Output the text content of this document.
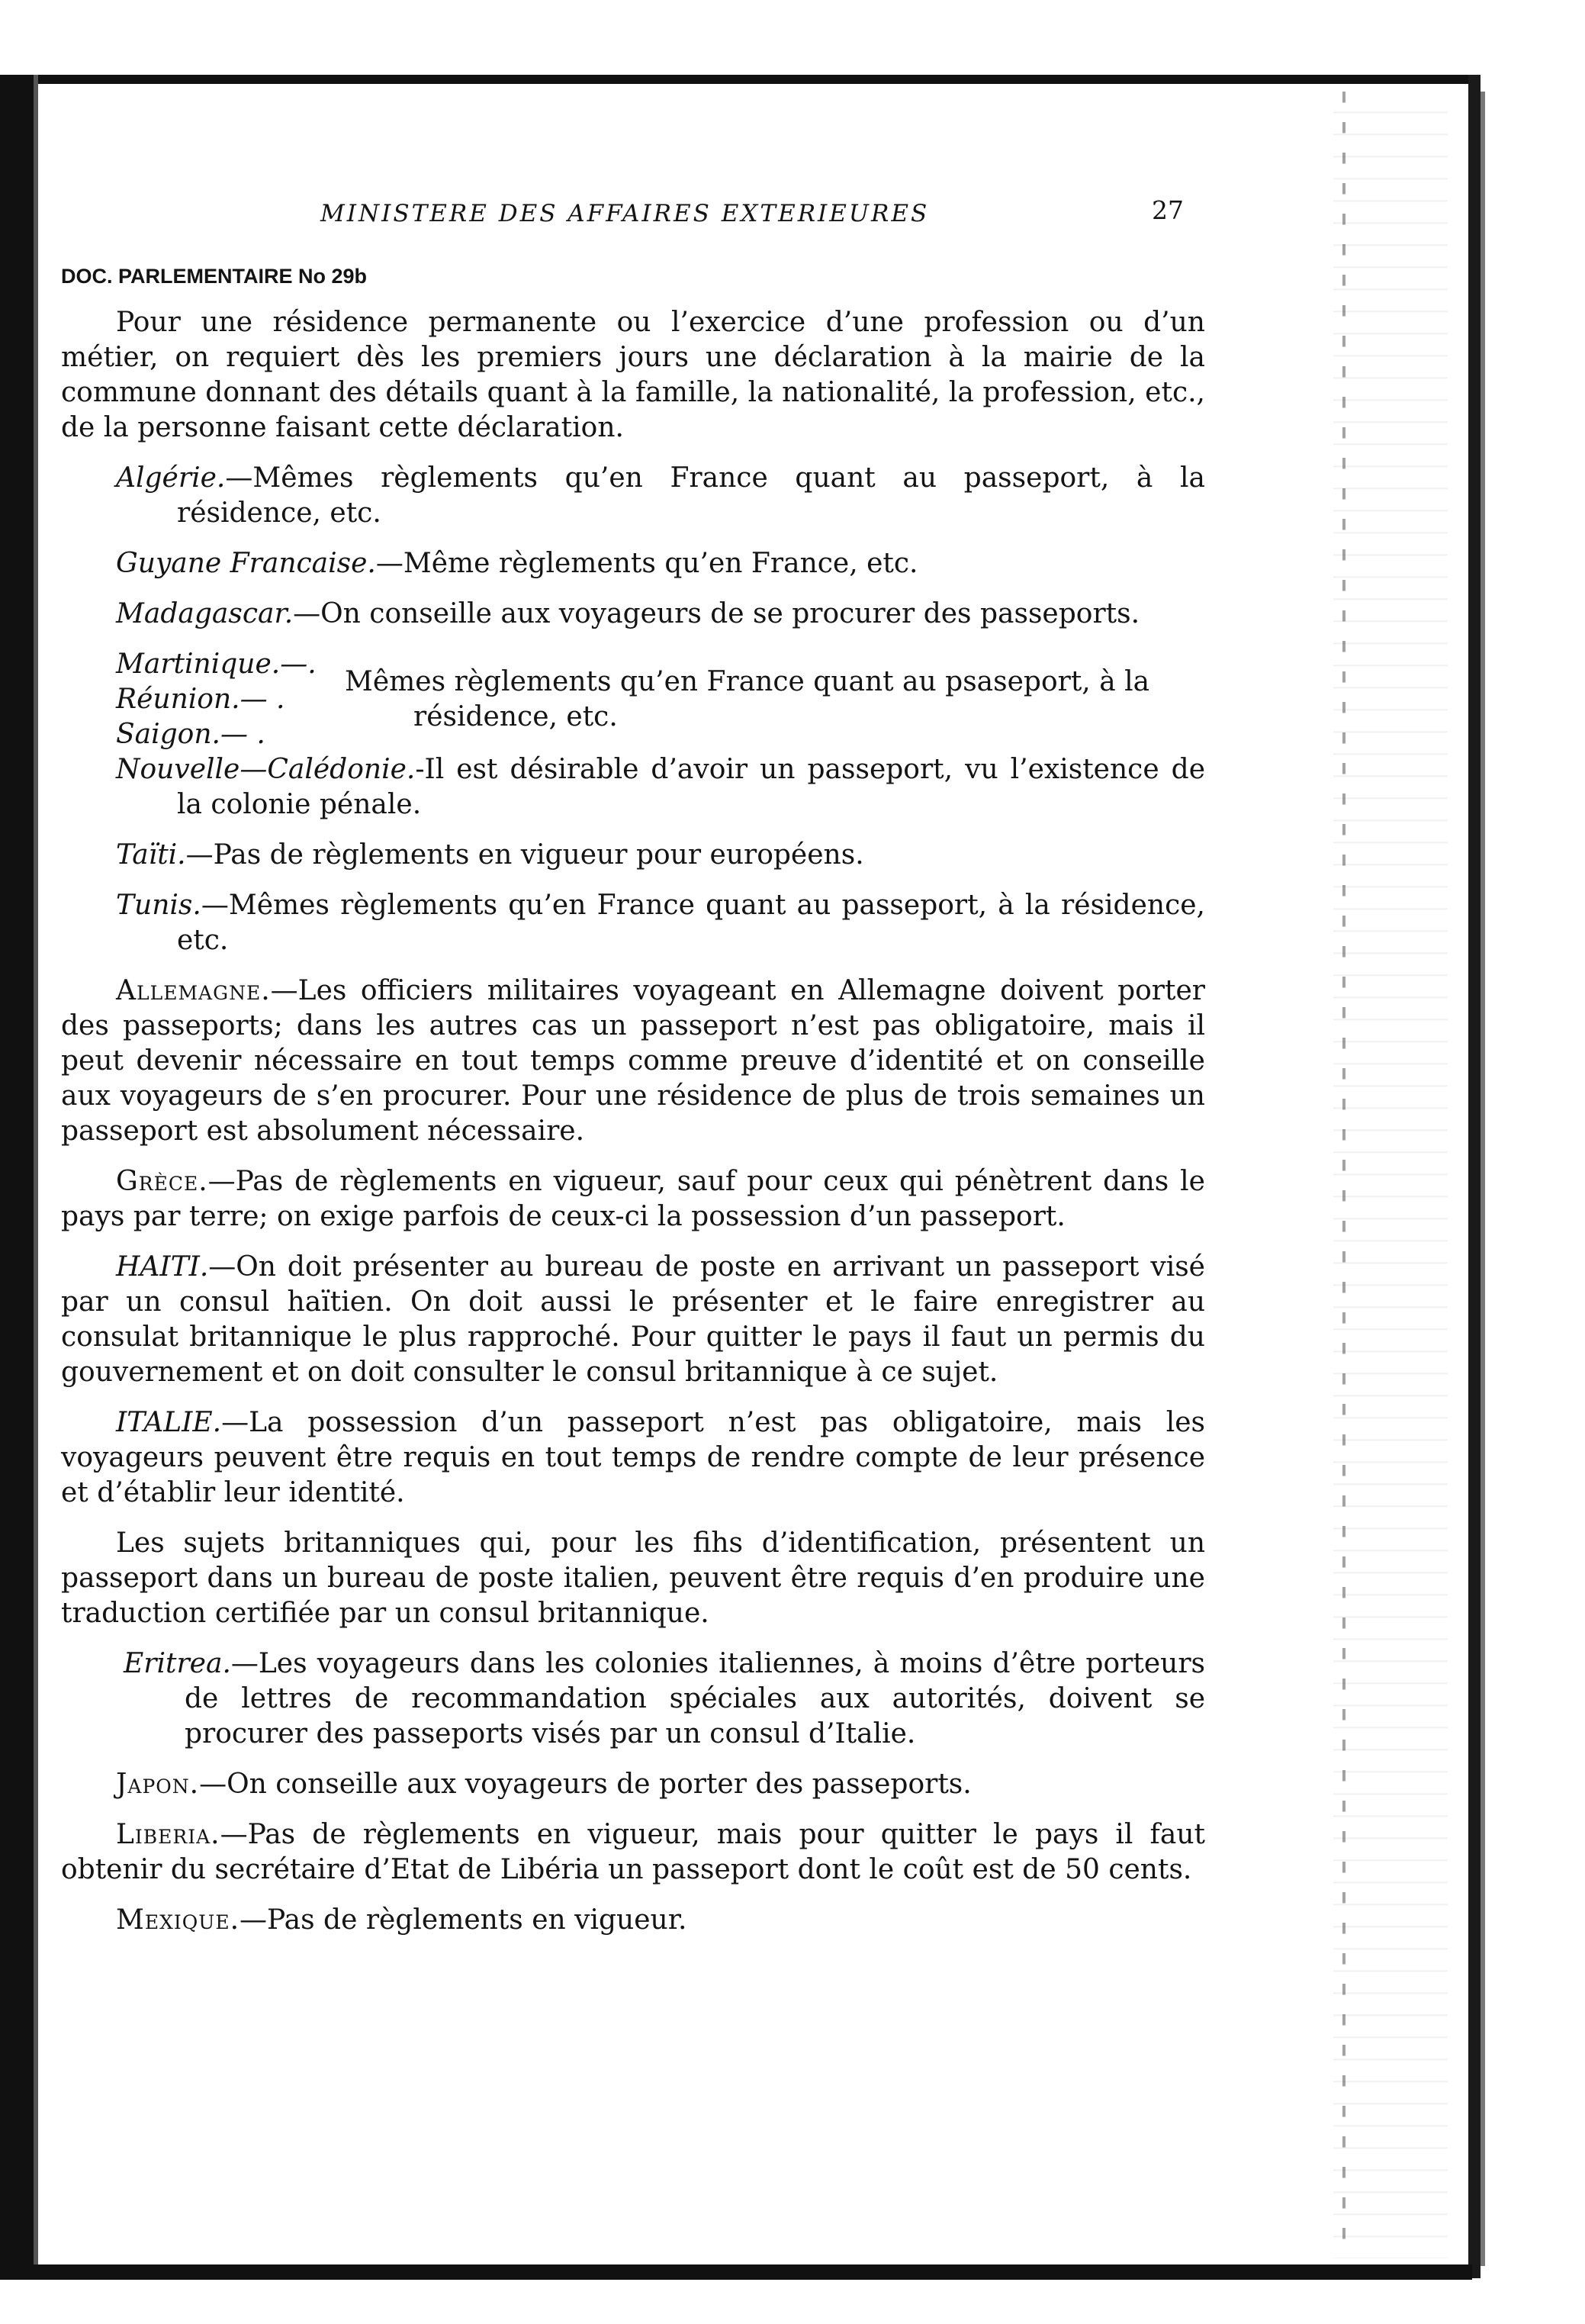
MINISTERE DES AFFAIRES EXTERIEURES	27
DOC. PARLEMENTAIRE No 29b

Pour une résidence permanente ou l’exercice d’une profession ou d’un métier, on requiert dès les premiers jours une déclaration à la mairie de la commune donnant des détails quant à la famille, la nationalité, la profession, etc., de la personne faisant cette déclaration.

Algérie.—Mêmes règlements qu’en France quant au passeport, à la résidence, etc.

Guyane Francaise.—Même règlements qu’en France, etc.

Madagascar.—On conseille aux voyageurs de se procurer des passeports.

Martinique.—.
Réunion.— .
Saigon.— .
Mêmes règlements qu’en France quant au psaseport, à la
résidence, etc.

Nouvelle—Calédonie.-Il est désirable d’avoir un passeport, vu l’existence de la colonie pénale.

Taïti.—Pas de règlements en vigueur pour européens.

Tunis.—Mêmes règlements qu’en France quant au passeport, à la résidence, etc.

Allemagne.—Les officiers militaires voyageant en Allemagne doivent porter des passeports; dans les autres cas un passeport n’est pas obligatoire, mais il peut devenir nécessaire en tout temps comme preuve d’identité et on conseille aux voyageurs de s’en procurer. Pour une résidence de plus de trois semaines un passeport est absolument nécessaire.

Grèce.—Pas de règlements en vigueur, sauf pour ceux qui pénètrent dans le pays par terre; on exige parfois de ceux-ci la possession d’un passeport.

HAITI.—On doit présenter au bureau de poste en arrivant un passeport visé par un consul haïtien. On doit aussi le présenter et le faire enregistrer au consulat britannique le plus rapproché. Pour quitter le pays il faut un permis du gouvernement et on doit consulter le consul britannique à ce sujet.

ITALIE.—La possession d’un passeport n’est pas obligatoire, mais les voyageurs peuvent être requis en tout temps de rendre compte de leur présence et d’établir leur identité.

Les sujets britanniques qui, pour les fihs d’identification, présentent un passeport dans un bureau de poste italien, peuvent être requis d’en produire une traduction certifiée par un consul britannique.

Eritrea.—Les voyageurs dans les colonies italiennes, à moins d’être porteurs de lettres de recommandation spéciales aux autorités, doivent se procurer des passeports visés par un consul d’Italie.

Japon.—On conseille aux voyageurs de porter des passeports.

Liberia.—Pas de règlements en vigueur, mais pour quitter le pays il faut obtenir du secrétaire d’Etat de Libéria un passeport dont le coût est de 50 cents.

Mexique.—Pas de règlements en vigueur.
